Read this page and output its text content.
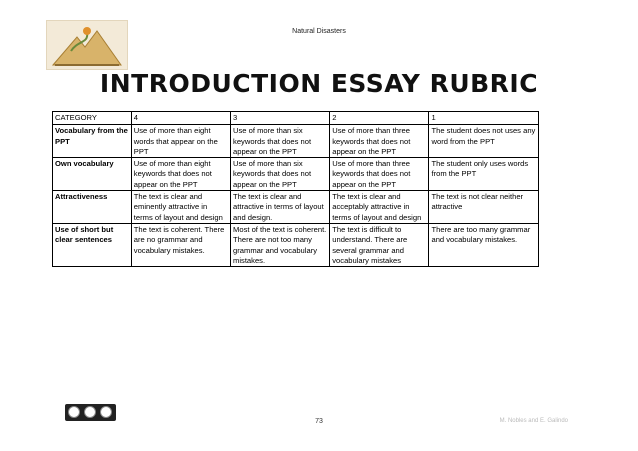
Natural Disasters
INTRODUCTION ESSAY RUBRIC
CATEGORY	4	3	2	1
Vocabulary from the PPT	Use of more than eight words that appear on the PPT	Use of more than six keywords that does not appear on the PPT	Use of more than three keywords that does not appear on the PPT	The student does not uses any word from the PPT
Own vocabulary	Use of more than eight keywords that does not appear on the PPT	Use of more than six keywords that does not appear on the PPT	Use of more than three keywords that does not appear on the PPT	The student only uses words from the PPT
Attractiveness	The text is clear and eminently attractive in terms of layout and design	The text is clear and attractive in terms of layout and design.	The text is clear and acceptably attractive in terms of layout and design	The text is not clear neither attractive
Use of short but clear sentences	The text is coherent. There are no grammar and vocabulary mistakes.	Most of the text is coherent. There are not too many grammar and vocabulary mistakes.	The text is difficult to understand. There are several grammar and vocabulary mistakes	There are too many grammar and vocabulary mistakes.
73	M. Nobles and E. Galindo
